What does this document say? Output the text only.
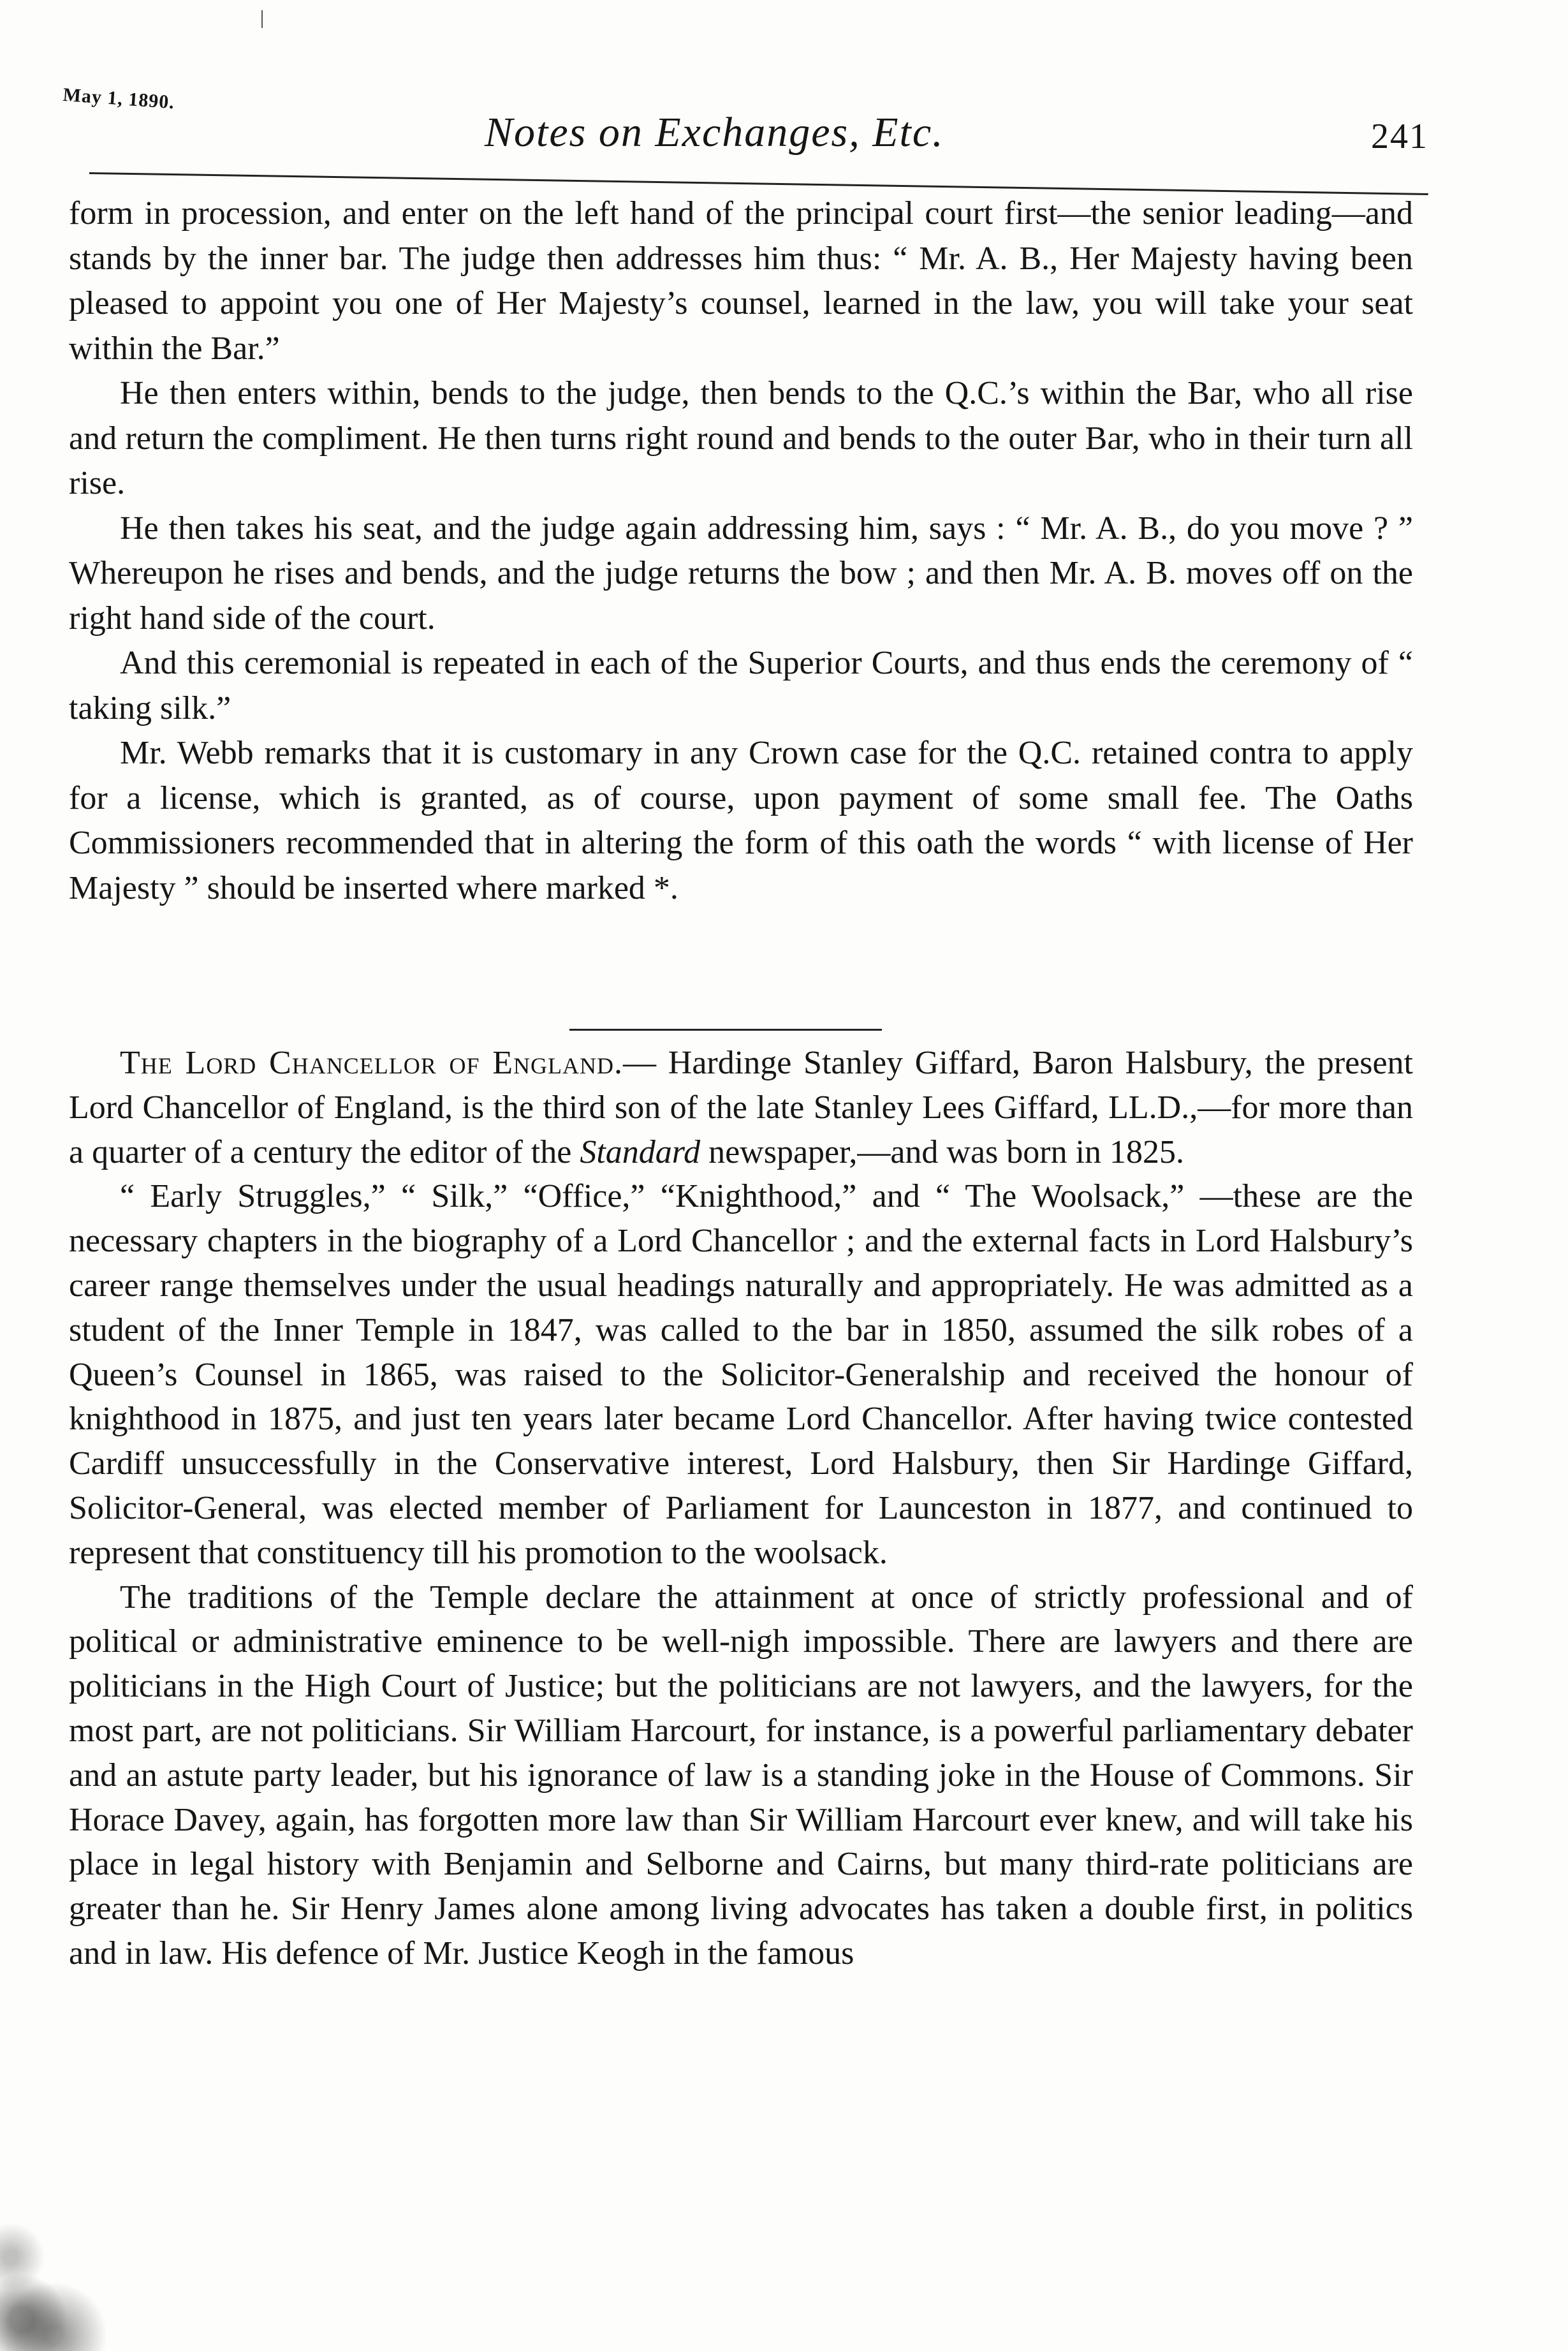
May 1, 1890.
Notes on Exchanges, Etc.	241

form in procession, and enter on the left hand of the principal court first—the senior leading—and stands by the inner bar. The judge then addresses him thus: “ Mr. A. B., Her Majesty having been pleased to appoint you one of Her Majesty’s counsel, learned in the law, you will take your seat within the Bar.”

He then enters within, bends to the judge, then bends to the Q.C.’s within the Bar, who all rise and return the compliment. He then turns right round and bends to the outer Bar, who in their turn all rise.

He then takes his seat, and the judge again addressing him, says : “ Mr. A. B., do you move ? ” Whereupon he rises and bends, and the judge returns the bow ; and then Mr. A. B. moves off on the right hand side of the court.

And this ceremonial is repeated in each of the Superior Courts, and thus ends the ceremony of “ taking silk.”

Mr. Webb remarks that it is customary in any Crown case for the Q.C. retained contra to apply for a license, which is granted, as of course, upon payment of some small fee. The Oaths Commissioners recommended that in altering the form of this oath the words “ with license of Her Majesty ” should be inserted where marked *.

The Lord Chancellor of England.— Hardinge Stanley Giffard, Baron Halsbury, the present Lord Chancellor of England, is the third son of the late Stanley Lees Giffard, LL.D.,—for more than a quarter of a century the editor of the Standard newspaper,—and was born in 1825.

“ Early Struggles,” “ Silk,” “Office,” “Knighthood,” and “ The Woolsack,” —these are the necessary chapters in the biography of a Lord Chancellor ; and the external facts in Lord Halsbury’s career range themselves under the usual headings naturally and appropriately. He was admitted as a student of the Inner Temple in 1847, was called to the bar in 1850, assumed the silk robes of a Queen’s Counsel in 1865, was raised to the Solicitor-Generalship and received the honour of knighthood in 1875, and just ten years later became Lord Chancellor. After having twice contested Cardiff unsuccessfully in the Conservative interest, Lord Halsbury, then Sir Hardinge Giffard, Solicitor-General, was elected member of Parliament for Launceston in 1877, and continued to represent that constituency till his promotion to the woolsack.

The traditions of the Temple declare the attainment at once of strictly professional and of political or administrative eminence to be well-nigh impossible. There are lawyers and there are politicians in the High Court of Justice; but the politicians are not lawyers, and the lawyers, for the most part, are not politicians. Sir William Harcourt, for instance, is a powerful parliamentary debater and an astute party leader, but his ignorance of law is a standing joke in the House of Commons. Sir Horace Davey, again, has forgotten more law than Sir William Harcourt ever knew, and will take his place in legal history with Benjamin and Selborne and Cairns, but many third-rate politicians are greater than he. Sir Henry James alone among living advocates has taken a double first, in politics and in law. His defence of Mr. Justice Keogh in the famous
